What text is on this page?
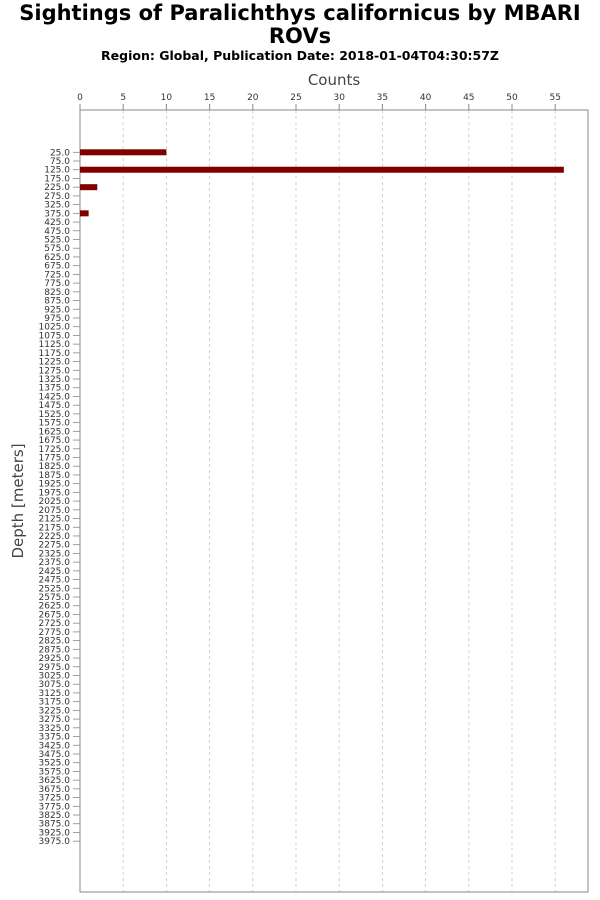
Sightings of Paralichthys californicus by MBARI ROVs
Region: Global, Publication Date: 2018-01-04T04:30:57Z
0	5	10	15	20	25	30	35	40	45	50	55
25.0
75.0
125.0
175.0
225.0
275.0
325.0
375.0
425.0
475.0
525.0
575.0
625.0
675.0
725.0
775.0
825.0
875.0
925.0
975.0
1025.0
1075.0
1125.0
1175.0
1225.0
1275.0
1325.0
1375.0
1425.0
1475.0
1525.0
1575.0
1625.0
1675.0
1725.0
1775.0
1825.0
1875.0
1925.0
1975.0
2025.0
2075.0
2125.0
2175.0
2225.0
2275.0
2325.0
2375.0
2425.0
2475.0
2525.0
2575.0
2625.0
2675.0
2725.0
2775.0
2825.0
2875.0
2925.0
2975.0
3025.0
3075.0
3125.0
3175.0
3225.0
3275.0
3325.0
3375.0
3425.0
3475.0
3525.0
3575.0
3625.0
3675.0
3725.0
3775.0
3825.0
3875.0
3925.0
3975.0
Counts
Depth [meters]
